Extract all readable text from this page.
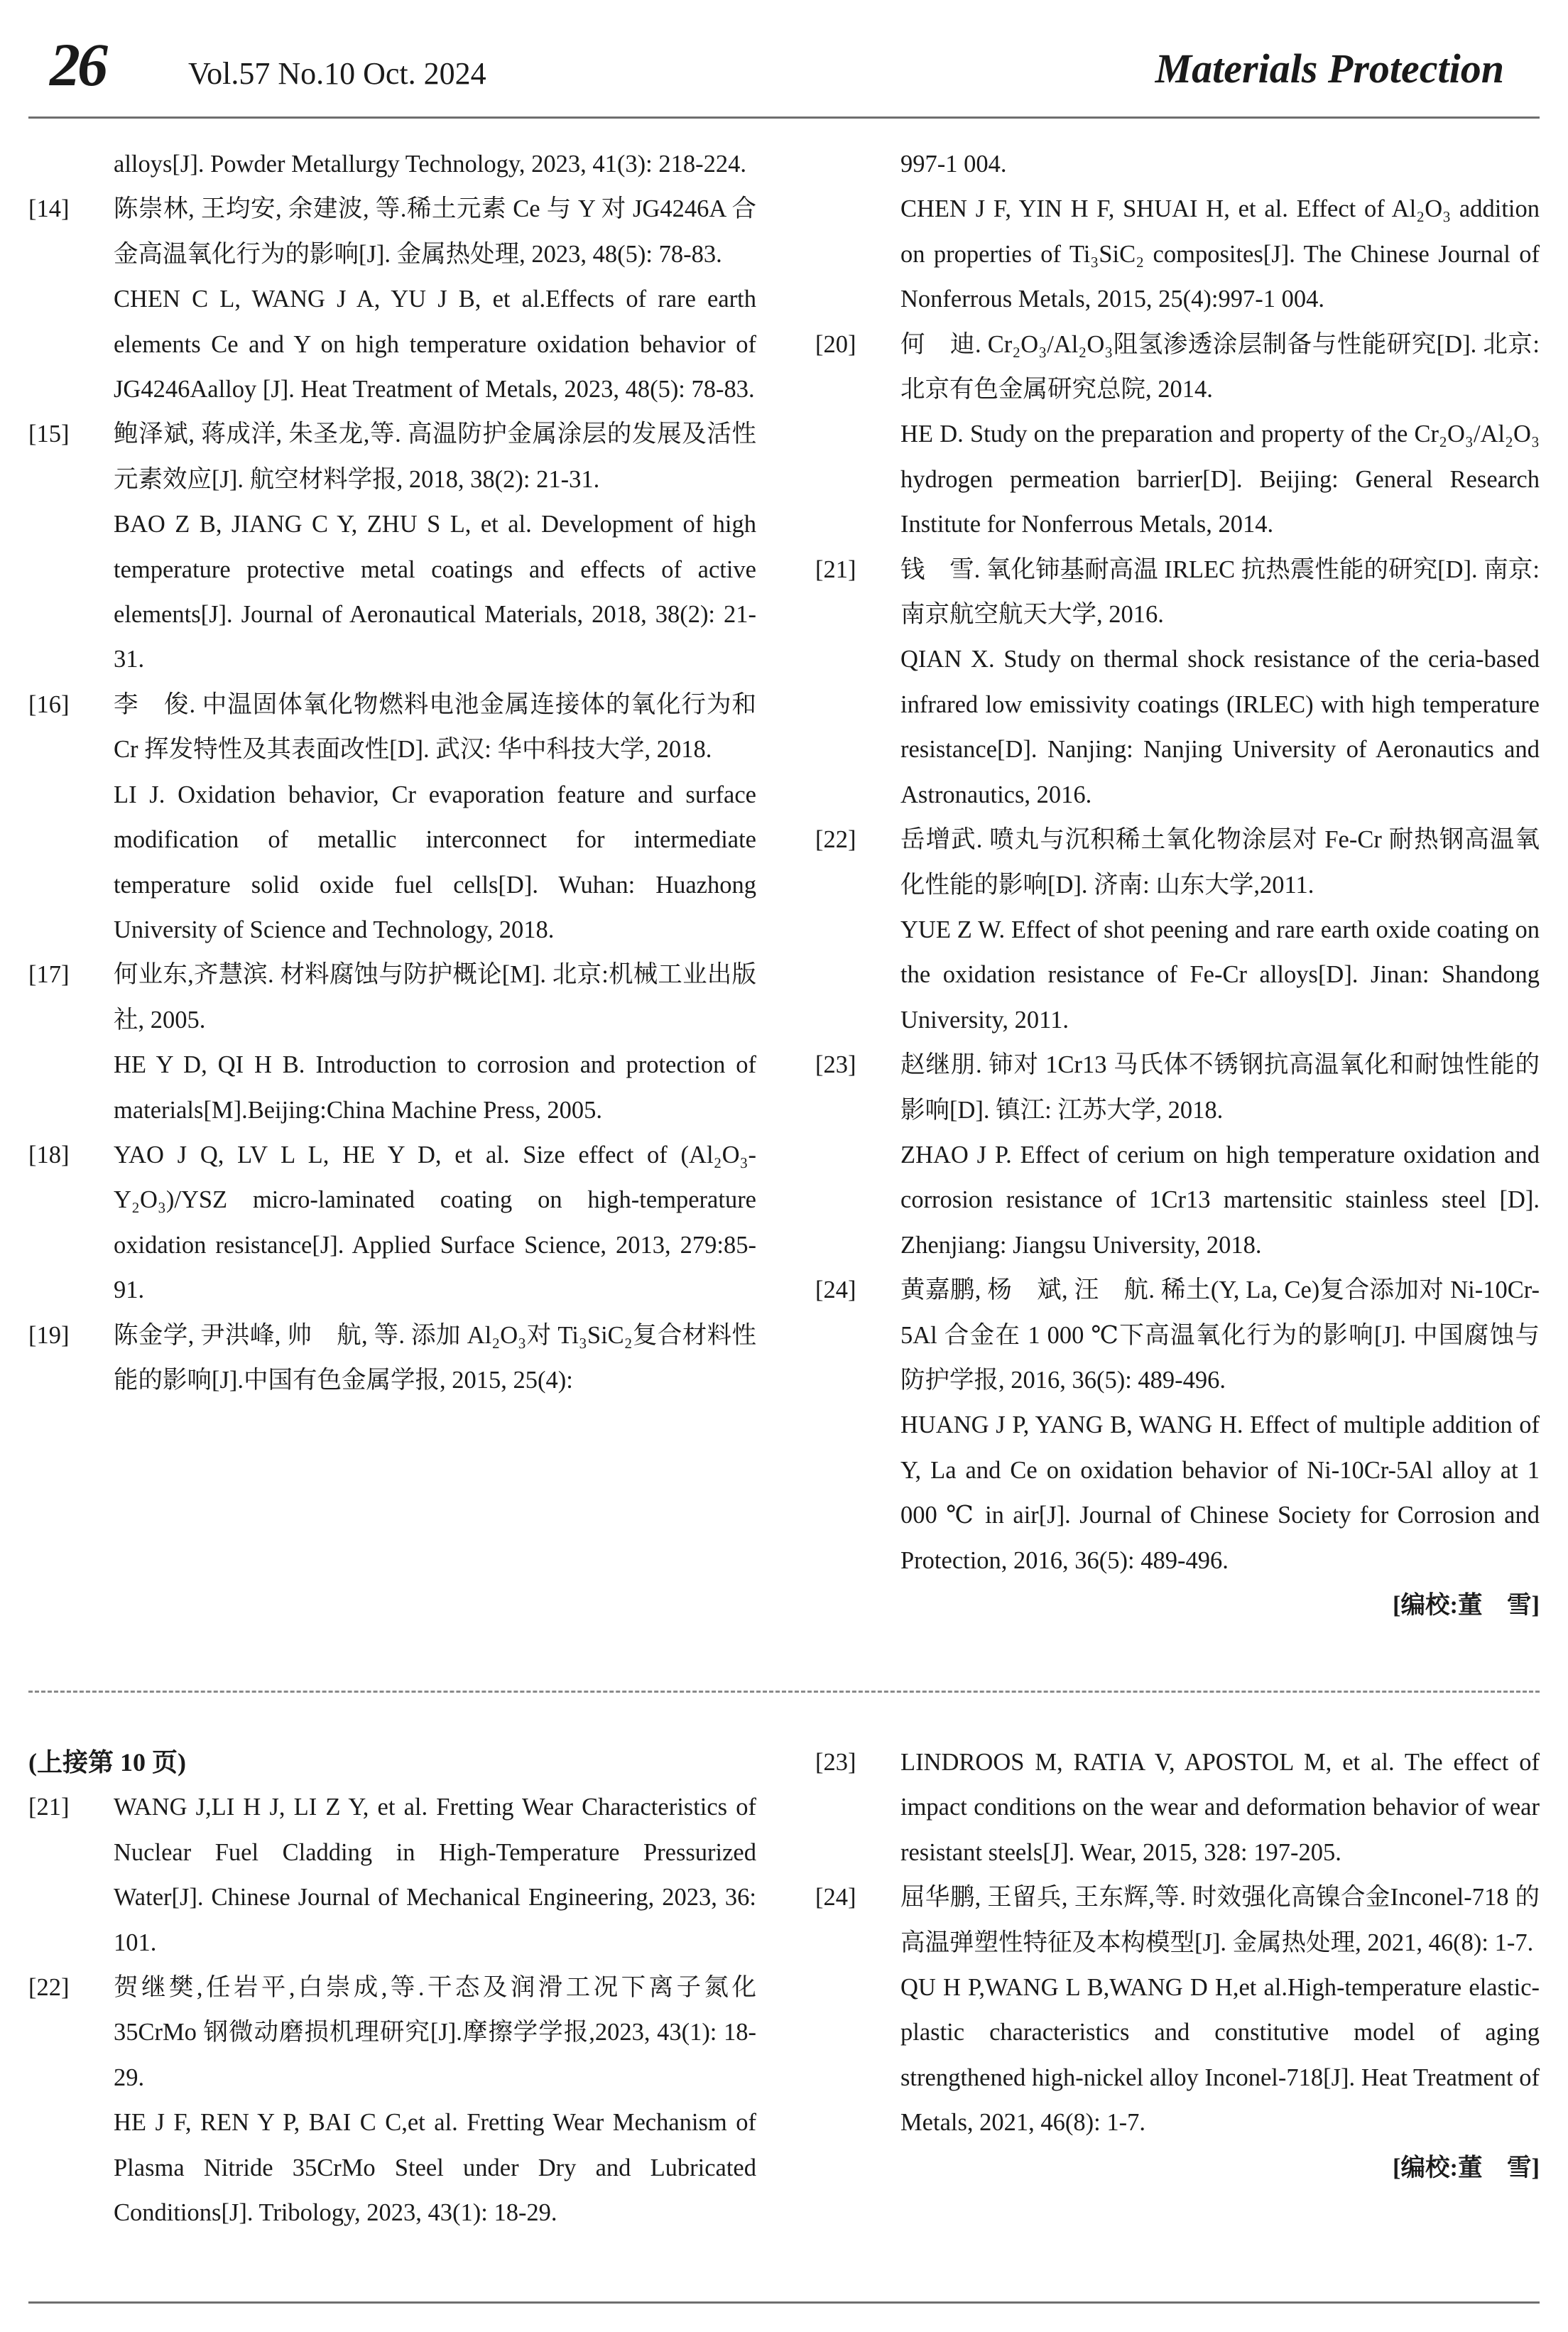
26	Vol.57 No.10 Oct. 2024	Materials Protection
alloys[J]. Powder Metallurgy Technology, 2023, 41(3): 218-224.
[14] 陈崇林, 王均安, 余建波, 等.稀土元素 Ce 与 Y 对 JG4246A 合金高温氧化行为的影响[J]. 金属热处理, 2023, 48(5): 78-83.
CHEN C L, WANG J A, YU J B, et al.Effects of rare earth elements Ce and Y on high temperature oxidation behavior of JG4246Aalloy [J]. Heat Treatment of Metals, 2023, 48(5): 78-83.
[15] 鲍泽斌, 蒋成洋, 朱圣龙,等. 高温防护金属涂层的发展及活性元素效应[J]. 航空材料学报, 2018, 38(2): 21-31.
BAO Z B, JIANG C Y, ZHU S L, et al. Development of high temperature protective metal coatings and effects of active elements[J]. Journal of Aeronautical Materials, 2018, 38(2): 21-31.
[16] 李　俊. 中温固体氧化物燃料电池金属连接体的氧化行为和 Cr 挥发特性及其表面改性[D]. 武汉: 华中科技大学, 2018.
LI J. Oxidation behavior, Cr evaporation feature and surface modification of metallic interconnect for intermediate temperature solid oxide fuel cells[D]. Wuhan: Huazhong University of Science and Technology, 2018.
[17] 何业东,齐慧滨. 材料腐蚀与防护概论[M]. 北京:机械工业出版社, 2005.
HE Y D, QI H B. Introduction to corrosion and protection of materials[M].Beijing:China Machine Press, 2005.
[18] YAO J Q, LV L L, HE Y D, et al. Size effect of (Al₂O₃-Y₂O₃)/YSZ micro-laminated coating on high-temperature oxidation resistance[J]. Applied Surface Science, 2013, 279:85-91.
[19] 陈金学, 尹洪峰, 帅　航, 等. 添加 Al₂O₃对 Ti₃SiC₂复合材料性能的影响[J].中国有色金属学报, 2015, 25(4):
997-1 004.
CHEN J F, YIN H F, SHUAI H, et al. Effect of Al₂O₃ addition on properties of Ti₃SiC₂ composites[J]. The Chinese Journal of Nonferrous Metals, 2015, 25(4):997-1 004.
[20] 何　迪. Cr₂O₃/Al₂O₃阻氢渗透涂层制备与性能研究[D]. 北京: 北京有色金属研究总院, 2014.
HE D. Study on the preparation and property of the Cr₂O₃/Al₂O₃ hydrogen permeation barrier[D]. Beijing: General Research Institute for Nonferrous Metals, 2014.
[21] 钱　雪. 氧化铈基耐高温 IRLEC 抗热震性能的研究[D]. 南京: 南京航空航天大学, 2016.
QIAN X. Study on thermal shock resistance of the ceria-based infrared low emissivity coatings (IRLEC) with high temperature resistance[D]. Nanjing: Nanjing University of Aeronautics and Astronautics, 2016.
[22] 岳增武. 喷丸与沉积稀土氧化物涂层对 Fe-Cr 耐热钢高温氧化性能的影响[D]. 济南: 山东大学,2011.
YUE Z W. Effect of shot peening and rare earth oxide coating on the oxidation resistance of Fe-Cr alloys[D]. Jinan: Shandong University, 2011.
[23] 赵继朋. 铈对 1Cr13 马氏体不锈钢抗高温氧化和耐蚀性能的影响[D]. 镇江: 江苏大学, 2018.
ZHAO J P. Effect of cerium on high temperature oxidation and corrosion resistance of 1Cr13 martensitic stainless steel [D]. Zhenjiang: Jiangsu University, 2018.
[24] 黄嘉鹏, 杨　斌, 汪　航. 稀土(Y, La, Ce)复合添加对 Ni-10Cr-5Al 合金在 1 000 ℃下高温氧化行为的影响[J]. 中国腐蚀与防护学报, 2016, 36(5): 489-496.
HUANG J P, YANG B, WANG H. Effect of multiple addition of Y, La and Ce on oxidation behavior of Ni-10Cr-5Al alloy at 1 000 ℃ in air[J]. Journal of Chinese Society for Corrosion and Protection, 2016, 36(5): 489-496.
[编校:董　雪]
(上接第 10 页)
[21] WANG J,LI H J, LI Z Y, et al. Fretting Wear Characteristics of Nuclear Fuel Cladding in High-Temperature Pressurized Water[J]. Chinese Journal of Mechanical Engineering, 2023, 36: 101.
[22] 贺继樊,任岩平,白崇成,等.干态及润滑工况下离子氮化 35CrMo 钢微动磨损机理研究[J].摩擦学学报,2023, 43(1): 18-29.
HE J F, REN Y P, BAI C C,et al. Fretting Wear Mechanism of Plasma Nitride 35CrMo Steel under Dry and Lubricated Conditions[J]. Tribology, 2023, 43(1): 18-29.
[23] LINDROOS M, RATIA V, APOSTOL M, et al. The effect of impact conditions on the wear and deformation behavior of wear resistant steels[J]. Wear, 2015, 328: 197-205.
[24] 屈华鹏, 王留兵, 王东辉,等. 时效强化高镍合金Inconel-718 的高温弹塑性特征及本构模型[J]. 金属热处理, 2021, 46(8): 1-7.
QU H P,WANG L B,WANG D H,et al.High-temperature elastic-plastic characteristics and constitutive model of aging strengthened high-nickel alloy Inconel-718[J]. Heat Treatment of Metals, 2021, 46(8): 1-7.
[编校:董　雪]
